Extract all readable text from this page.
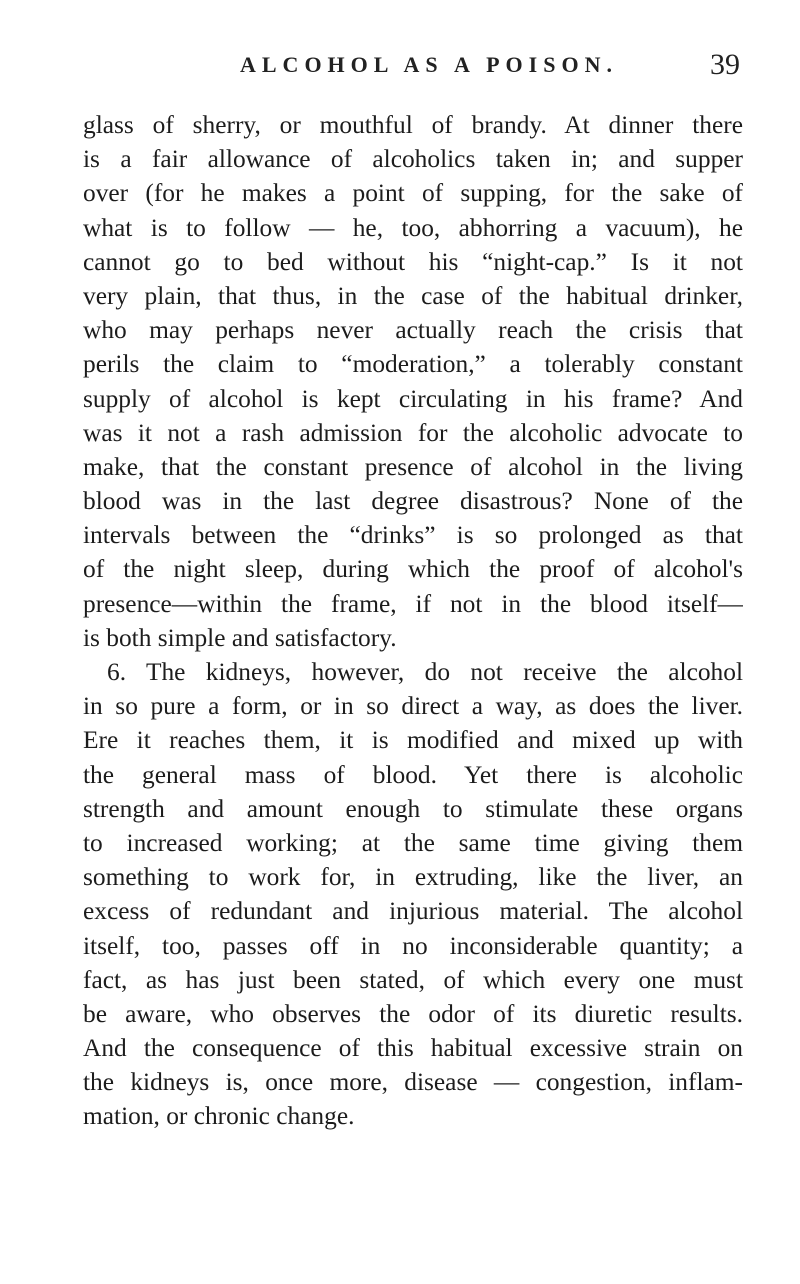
ALCOHOL AS A POISON.	39
glass of sherry, or mouthful of brandy. At dinner there
is a fair allowance of alcoholics taken in; and supper
over (for he makes a point of supping, for the sake of
what is to follow — he, too, abhorring a vacuum), he
cannot go to bed without his “night-cap.” Is it not
very plain, that thus, in the case of the habitual drinker,
who may perhaps never actually reach the crisis that
perils the claim to “moderation,” a tolerably constant
supply of alcohol is kept circulating in his frame? And
was it not a rash admission for the alcoholic advocate to
make, that the constant presence of alcohol in the living
blood was in the last degree disastrous? None of the
intervals between the “drinks” is so prolonged as that
of the night sleep, during which the proof of alcohol's
presence—within the frame, if not in the blood itself—
is both simple and satisfactory.
6. The kidneys, however, do not receive the alcohol
in so pure a form, or in so direct a way, as does the liver.
Ere it reaches them, it is modified and mixed up with
the general mass of blood. Yet there is alcoholic
strength and amount enough to stimulate these organs
to increased working; at the same time giving them
something to work for, in extruding, like the liver, an
excess of redundant and injurious material. The alcohol
itself, too, passes off in no inconsiderable quantity; a
fact, as has just been stated, of which every one must
be aware, who observes the odor of its diuretic results.
And the consequence of this habitual excessive strain on
the kidneys is, once more, disease — congestion, inflam-
mation, or chronic change.
